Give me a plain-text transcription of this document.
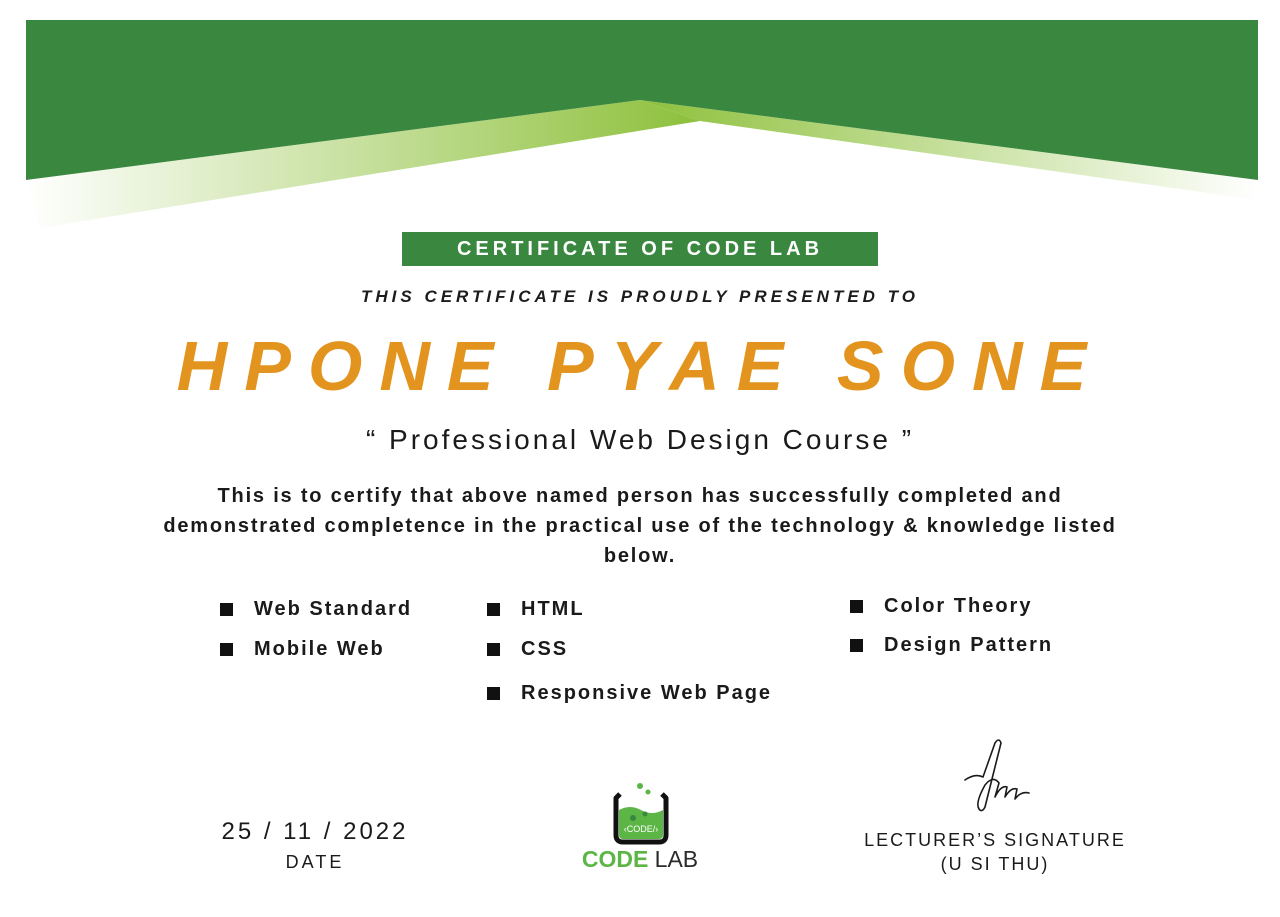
CERTIFICATE OF CODE LAB
THIS CERTIFICATE IS PROUDLY PRESENTED TO
HPONE PYAE SONE
“ Professional Web Design Course ”
This is to certify that above named person has successfully completed and demonstrated completence in the practical use of the technology & knowledge listed below.
Web Standard
Mobile Web
HTML
CSS
Responsive Web Page
Color Theory
Design Pattern
25 / 11 / 2022
DATE
‹CODE/›
CODE LAB
LECTURER’S SIGNATURE
(U SI THU)
